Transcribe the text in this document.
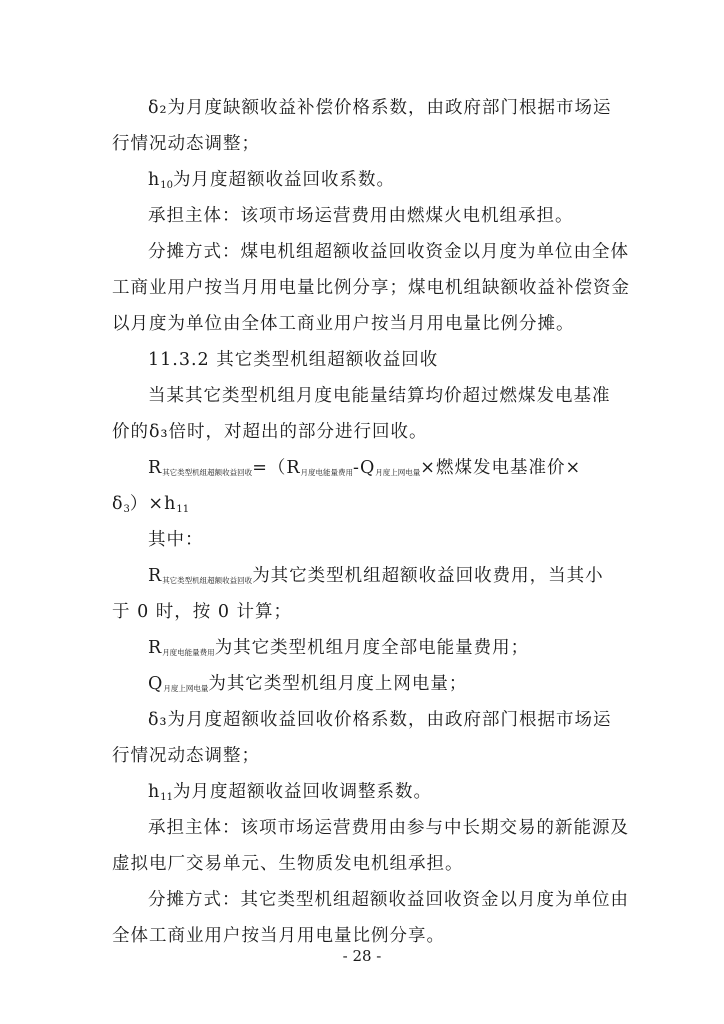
δ₂为月度缺额收益补偿价格系数，由政府部门根据市场运
行情况动态调整；
h10为月度超额收益回收系数。
承担主体：该项市场运营费用由燃煤火电机组承担。
分摊方式：煤电机组超额收益回收资金以月度为单位由全体
工商业用户按当月用电量比例分享；煤电机组缺额收益补偿资金
以月度为单位由全体工商业用户按当月用电量比例分摊。
11.3.2 其它类型机组超额收益回收
当某其它类型机组月度电能量结算均价超过燃煤发电基准
价的δ₃倍时，对超出的部分进行回收。
$R_{其它类型机组超额收益回收}=(R_{月度电能量费用}-Q_{月度上网电量}\times$燃煤发电基准价×
δ3）×h11
其中：
$R_{其它类型机组超额收益回收}$为其它类型机组超额收益回收费用，当其小
于 0 时，按 0 计算；
$R_{月度电能量费用}$为其它类型机组月度全部电能量费用；
$Q_{月度上网电量}$为其它类型机组月度上网电量；
δ₃为月度超额收益回收价格系数，由政府部门根据市场运
行情况动态调整；
h11为月度超额收益回收调整系数。
承担主体：该项市场运营费用由参与中长期交易的新能源及
虚拟电厂交易单元、生物质发电机组承担。
分摊方式：其它类型机组超额收益回收资金以月度为单位由
全体工商业用户按当月用电量比例分享。
- 28 -
